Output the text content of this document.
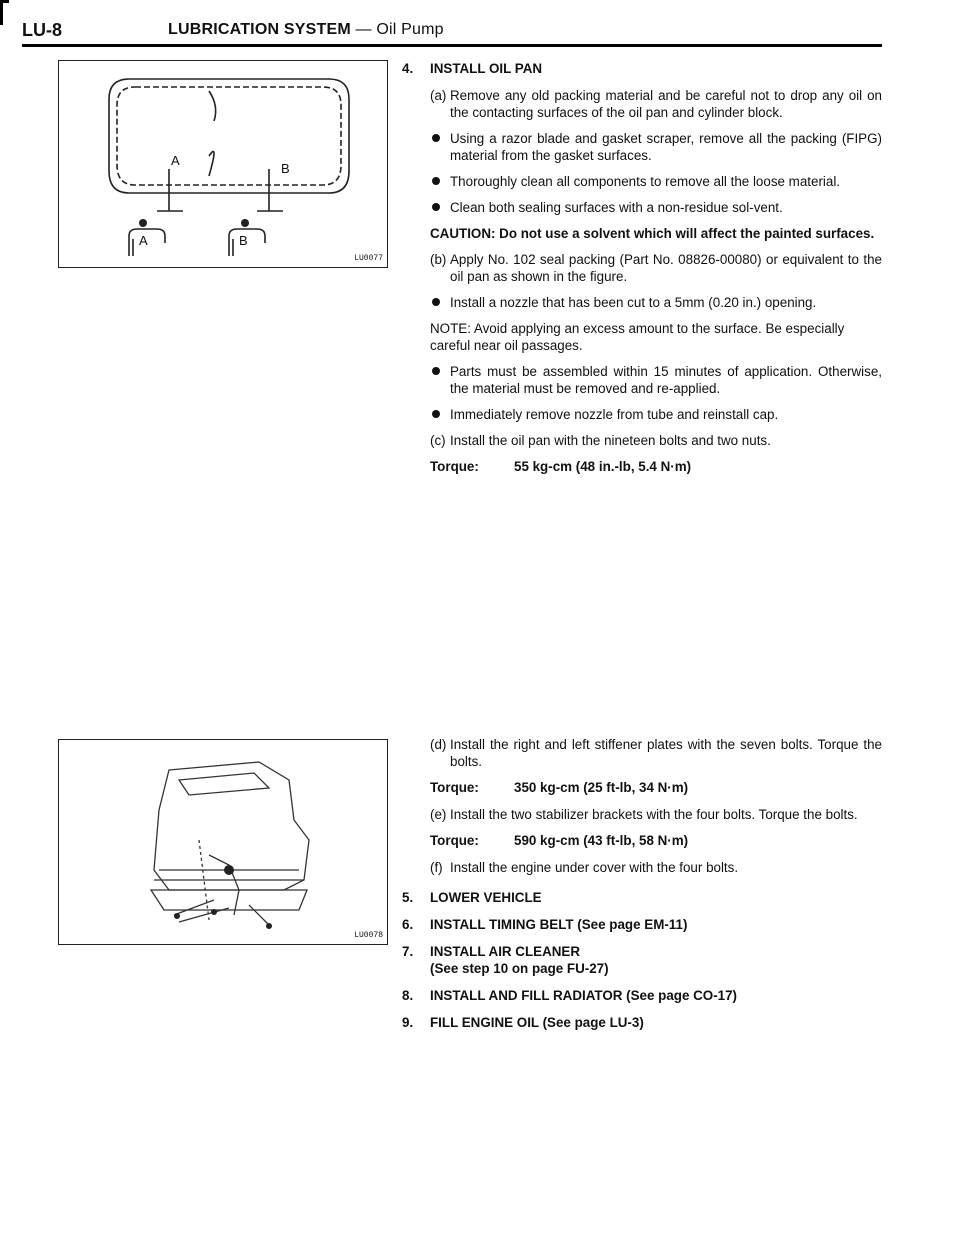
LU-8	LUBRICATION SYSTEM — Oil Pump
A
B
A	B
LU0077
LU0078
4. INSTALL OIL PAN
(a) Remove any old packing material and be careful not to drop any oil on the contacting surfaces of the oil pan and cylinder block.
Using a razor blade and gasket scraper, remove all the packing (FIPG) material from the gasket surfaces.
Thoroughly clean all components to remove all the loose material.
Clean both sealing surfaces with a non-residue sol-vent.
CAUTION: Do not use a solvent which will affect the painted surfaces.
(b) Apply No. 102 seal packing (Part No. 08826-00080) or equivalent to the oil pan as shown in the figure.
Install a nozzle that has been cut to a 5mm (0.20 in.) opening.
NOTE: Avoid applying an excess amount to the surface. Be especially careful near oil passages.
Parts must be assembled within 15 minutes of application. Otherwise, the material must be removed and re-applied.
Immediately remove nozzle from tube and reinstall cap.
(c) Install the oil pan with the nineteen bolts and two nuts.
Torque:	55 kg-cm (48 in.-lb, 5.4 N·m)
(d) Install the right and left stiffener plates with the seven bolts. Torque the bolts.
Torque:	350 kg-cm (25 ft-lb, 34 N·m)
(e) Install the two stabilizer brackets with the four bolts. Torque the bolts.
Torque:	590 kg-cm (43 ft-lb, 58 N·m)
(f) Install the engine under cover with the four bolts.
5. LOWER VEHICLE
6. INSTALL TIMING BELT (See page EM-11)
7. INSTALL AIR CLEANER
(See step 10 on page FU-27)
8. INSTALL AND FILL RADIATOR (See page CO-17)
9. FILL ENGINE OIL (See page LU-3)
